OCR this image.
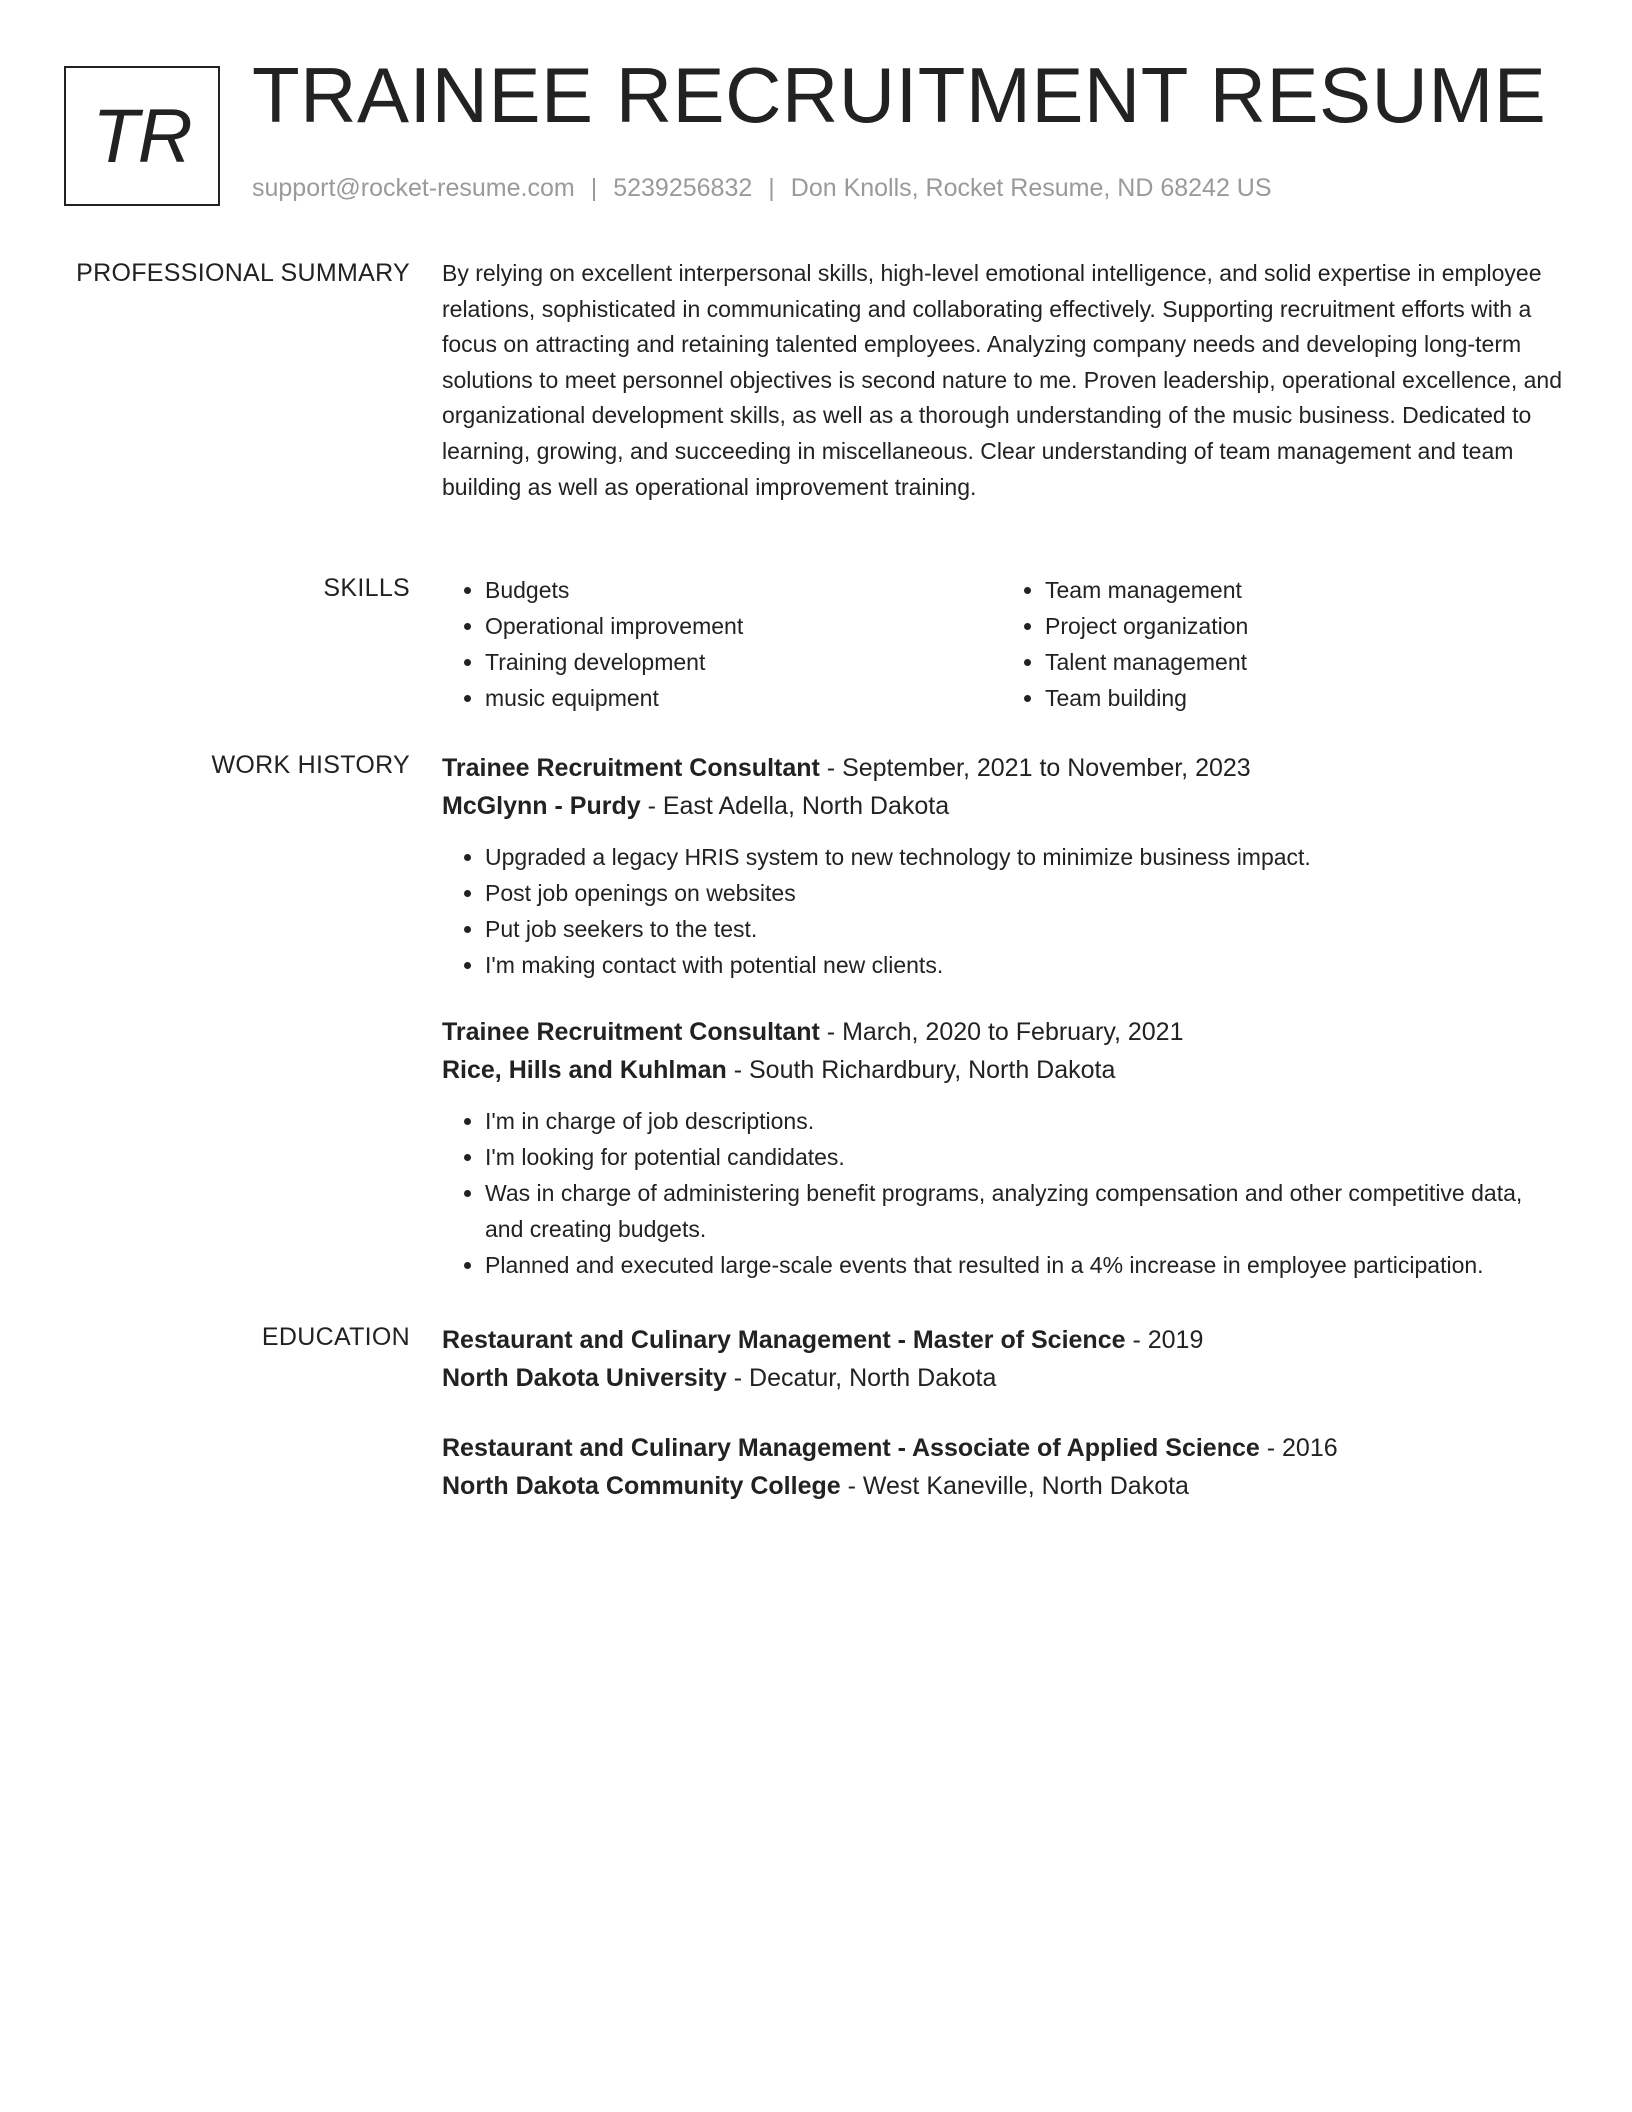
TR TRAINEE RECRUITMENT RESUME
support@rocket-resume.com | 5239256832 | Don Knolls, Rocket Resume, ND 68242 US
PROFESSIONAL SUMMARY By relying on excellent interpersonal skills, high-level emotional intelligence, and solid expertise in employee relations, sophisticated in communicating and collaborating effectively. Supporting recruitment efforts with a focus on attracting and retaining talented employees. Analyzing company needs and developing long-term solutions to meet personnel objectives is second nature to me. Proven leadership, operational excellence, and organizational development skills, as well as a thorough understanding of the music business. Dedicated to learning, growing, and succeeding in miscellaneous. Clear understanding of team management and team building as well as operational improvement training.

SKILLS
•	Budgets
• Operational improvement
• Training development
• music equipment
• Team management
• Project organization
• Talent management
• Team building
WORK HISTORY Trainee Recruitment Consultant - September, 2021 to November, 2023
McGlynn - Purdy - East Adella, North Dakota
• Upgraded a legacy HRIS system to new technology to minimize business impact.
• Post job openings on websites
• Put job seekers to the test.
• I'm making contact with potential new clients.
Trainee Recruitment Consultant - March, 2020 to February, 2021
Rice, Hills and Kuhlman - South Richardbury, North Dakota
• I'm in charge of job descriptions.
• I'm looking for potential candidates.
• Was in charge of administering benefit programs, analyzing compensation and other competitive data, and creating budgets.
• Planned and executed large-scale events that resulted in a 4% increase in employee participation.
EDUCATION Restaurant and Culinary Management - Master of Science - 2019
North Dakota University - Decatur, North Dakota
Restaurant and Culinary Management - Associate of Applied Science - 2016
North Dakota Community College - West Kaneville, North Dakota
